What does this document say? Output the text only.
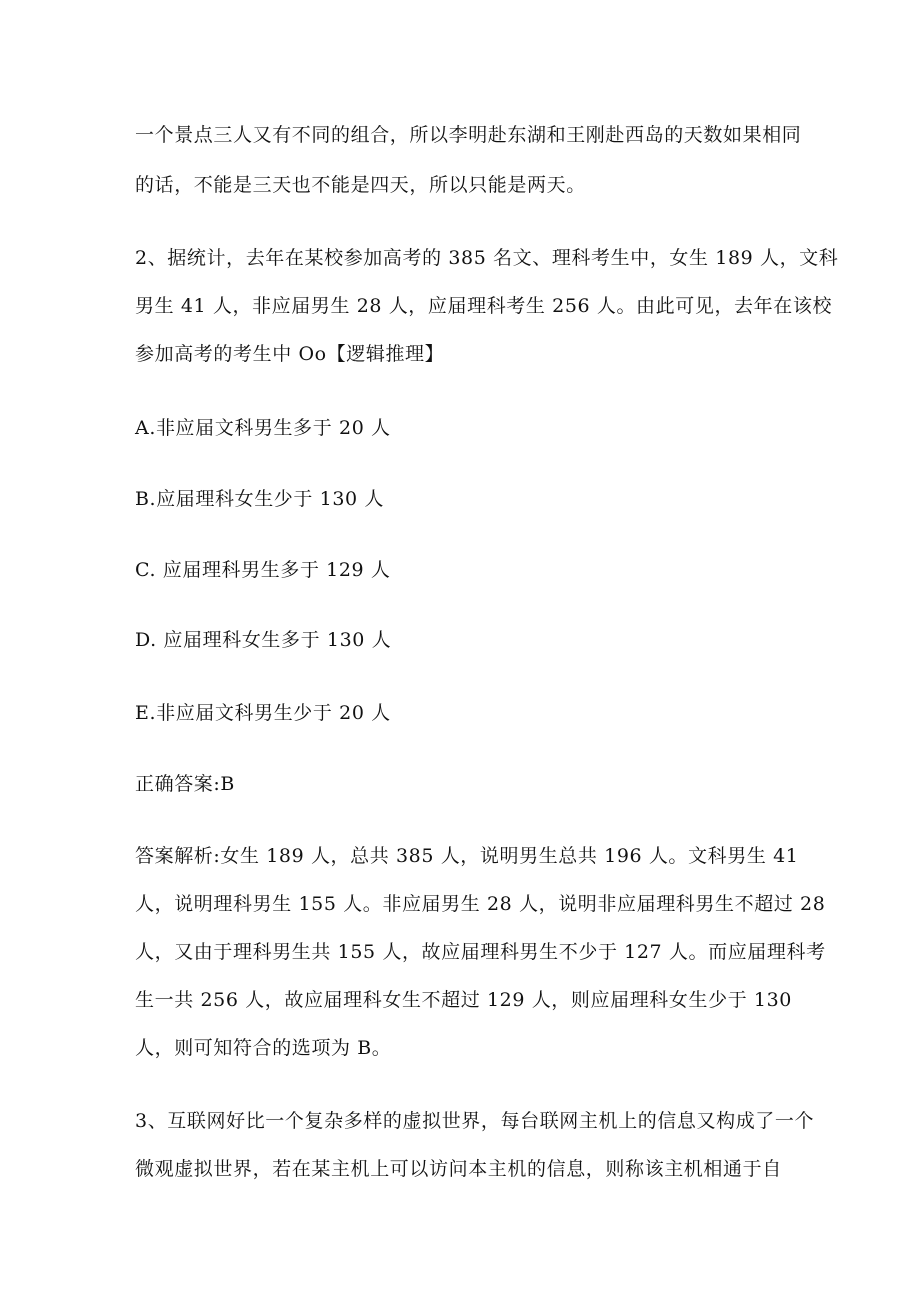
一个景点三人又有不同的组合，所以李明赴东湖和王刚赴西岛的天数如果相同
的话，不能是三天也不能是四天，所以只能是两天。
2、据统计，去年在某校参加高考的 385 名文、理科考生中，女生 189 人，文科
男生 41 人，非应届男生 28 人，应届理科考生 256 人。由此可见，去年在该校
参加高考的考生中 Oo【逻辑推理】
A.非应届文科男生多于 20 人
B.应届理科女生少于 130 人
C. 应届理科男生多于 129 人
D. 应届理科女生多于 130 人
E.非应届文科男生少于 20 人
正确答案:B
答案解析:女生 189 人，总共 385 人，说明男生总共 196 人。文科男生 41
人，说明理科男生 155 人。非应届男生 28 人，说明非应届理科男生不超过 28
人，又由于理科男生共 155 人，故应届理科男生不少于 127 人。而应届理科考
生一共 256 人，故应届理科女生不超过 129 人，则应届理科女生少于 130
人，则可知符合的选项为 B。
3、互联网好比一个复杂多样的虚拟世界，每台联网主机上的信息又构成了一个
微观虚拟世界，若在某主机上可以访问本主机的信息，则称该主机相通于自
